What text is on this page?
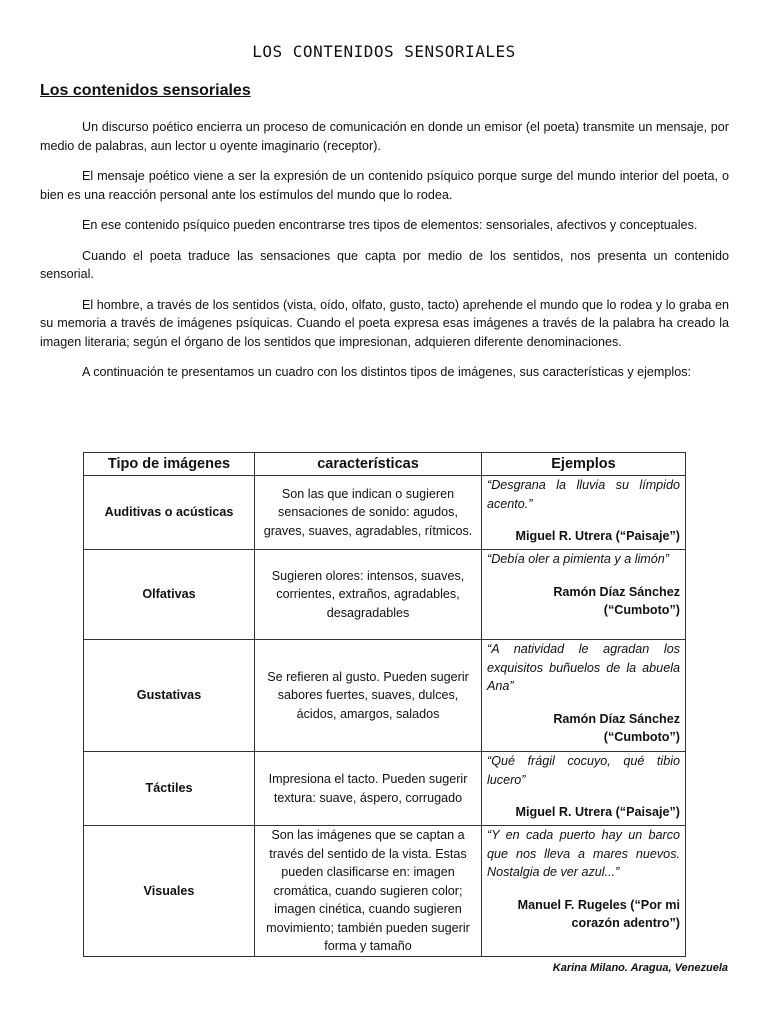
LOS CONTENIDOS SENSORIALES
Los contenidos sensoriales

Un discurso poético encierra un proceso de comunicación en donde un emisor (el poeta) transmite un mensaje, por medio de palabras, aun lector u oyente imaginario (receptor).

El mensaje poético viene a ser la expresión de un contenido psíquico porque surge del mundo interior del poeta, o bien es una reacción personal ante los estímulos del mundo que lo rodea.

En ese contenido psíquico pueden encontrarse tres tipos de elementos: sensoriales, afectivos y conceptuales.

Cuando el poeta traduce las sensaciones que capta por medio de los sentidos, nos presenta un contenido sensorial.

El hombre, a través de los sentidos (vista, oído, olfato, gusto, tacto) aprehende el mundo que lo rodea y lo graba en su memoria a través de imágenes psíquicas. Cuando el poeta expresa esas imágenes a través de la palabra ha creado la imagen literaria; según el órgano de los sentidos que impresionan, adquieren diferente denominaciones.

A continuación te presentamos un cuadro con los distintos tipos de imágenes, sus características y ejemplos:

Tipo de imágenes	características	Ejemplos
Auditivas o acústicas	Son las que indican o sugieren sensaciones de sonido: agudos, graves, suaves, agradables, rítmicos.	“Desgrana la lluvia su límpido acento.”
Miguel R. Utrera (“Paisaje”)

Olfativas	Sugieren olores: intensos, suaves, corrientes, extraños, agradables, desagradables	“Debía oler a pimienta y a limón”
Ramón Díaz Sánchez (“Cumboto”)

Gustativas	Se refieren al gusto. Pueden sugerir sabores fuertes, suaves, dulces, ácidos, amargos, salados	“A natividad le agradan los exquisitos buñuelos de la abuela Ana”
Ramón Díaz Sánchez (“Cumboto”)

Táctiles	Impresiona el tacto. Pueden sugerir textura: suave, áspero, corrugado	“Qué frágil cocuyo, qué tibio lucero”
Miguel R. Utrera (“Paisaje”)

Visuales	Son las imágenes que se captan a través del sentido de la vista. Estas pueden clasificarse en: imagen cromática, cuando sugieren color; imagen cinética, cuando sugieren movimiento; también pueden sugerir forma y tamaño	“Y en cada puerto hay un barco que nos lleva a mares nuevos. Nostalgia de ver azul...”
Manuel F. Rugeles (“Por mi corazón adentro”)
Karina Milano. Aragua, Venezuela
